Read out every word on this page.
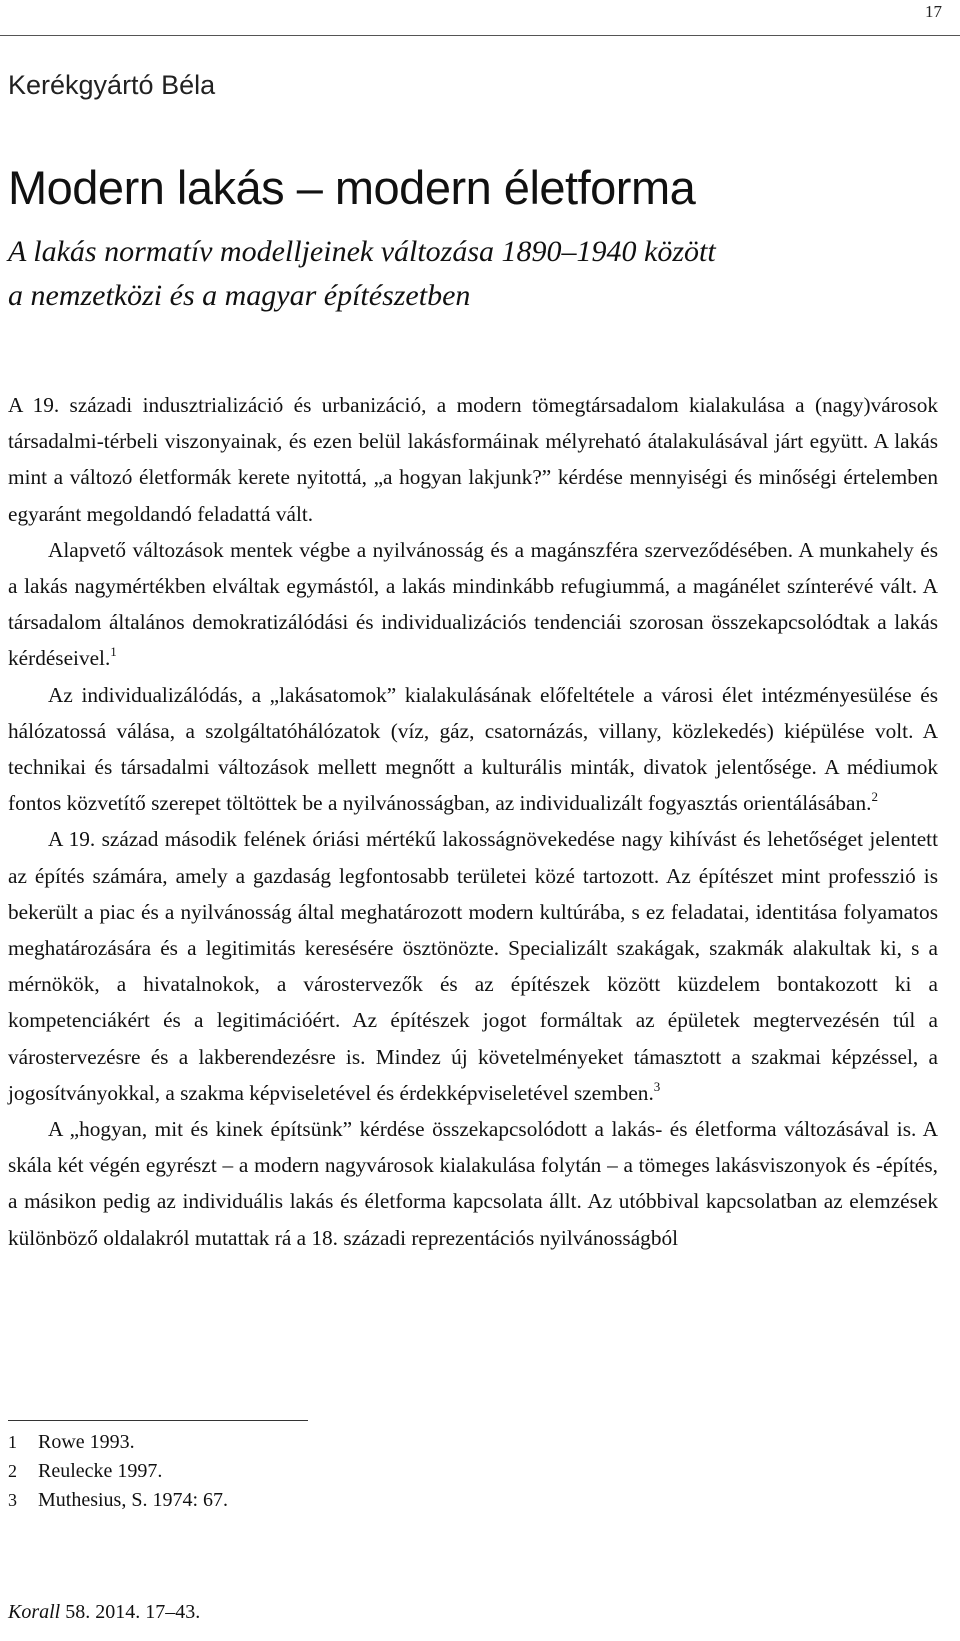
17
Kerékgyártó Béla
Modern lakás – modern életforma
A lakás normatív modelljeinek változása 1890–1940 között
a nemzetközi és a magyar építészetben

A 19. századi indusztrializáció és urbanizáció, a modern tömegtársadalom kialakulása a (nagy)városok társadalmi-térbeli viszonyainak, és ezen belül lakásformáinak mélyreható átalakulásával járt együtt. A lakás mint a változó életformák kerete nyitottá, „a hogyan lakjunk?” kérdése mennyiségi és minőségi értelemben egyaránt megoldandó feladattá vált.

Alapvető változások mentek végbe a nyilvánosság és a magánszféra szerveződésében. A munkahely és a lakás nagymértékben elváltak egymástól, a lakás mindinkább refugiummá, a magánélet színterévé vált. A társadalom általános demokratizálódási és individualizációs tendenciái szorosan összekapcsolódtak a lakás kérdéseivel.$^1$

Az individualizálódás, a „lakásatomok” kialakulásának előfeltétele a városi élet intézményesülése és hálózatossá válása, a szolgáltatóhálózatok (víz, gáz, csatornázás, villany, közlekedés) kiépülése volt. A technikai és társadalmi változások mellett megnőtt a kulturális minták, divatok jelentősége. A médiumok fontos közvetítő szerepet töltöttek be a nyilvánosságban, az individualizált fogyasztás orientálásában.$^2$

A 19. század második felének óriási mértékű lakosságnövekedése nagy kihívást és lehetőséget jelentett az építés számára, amely a gazdaság legfontosabb területei közé tartozott. Az építészet mint professzió is bekerült a piac és a nyilvánosság által meghatározott modern kultúrába, s ez feladatai, identitása folyamatos meghatározására és a legitimitás keresésére ösztönözte. Specializált szakágak, szakmák alakultak ki, s a mérnökök, a hivatalnokok, a várostervezők és az építészek között küzdelem bontakozott ki a kompetenciákért és a legitimációért. Az építészek jogot formáltak az épületek megtervezésén túl a várostervezésre és a lakberendezésre is. Mindez új követelményeket támasztott a szakmai képzéssel, a jogosítványokkal, a szakma képviseletével és érdekképviseletével szemben.$^3$

A „hogyan, mit és kinek építsünk” kérdése összekapcsolódott a lakás- és életforma változásával is. A skála két végén egyrészt – a modern nagyvárosok kialakulása folytán – a tömeges lakásviszonyok és -építés, a másikon pedig az individuális lakás és életforma kapcsolata állt. Az utóbbival kapcsolatban az elemzések különböző oldalakról mutattak rá a 18. századi reprezentációs nyilvánosságból

1	Rowe 1993.
2	Reulecke 1997.
3	Muthesius, S. 1974: 67.
Korall 58. 2014. 17–43.
